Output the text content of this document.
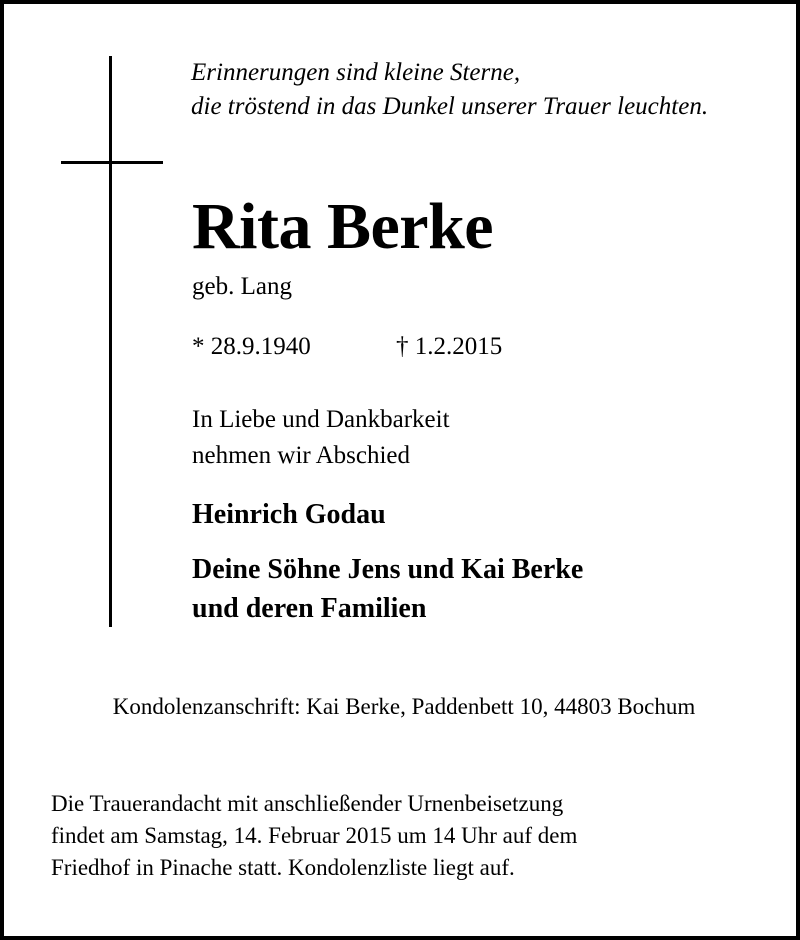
Erinnerungen sind kleine Sterne,
die tröstend in das Dunkel unserer Trauer leuchten.
Rita Berke
geb. Lang
* 28.9.1940	† 1.2.2015
In Liebe und Dankbarkeit
nehmen wir Abschied
Heinrich Godau
Deine Söhne Jens und Kai Berke
und deren Familien
Kondolenzanschrift: Kai Berke, Paddenbett 10, 44803 Bochum
Die Trauerandacht mit anschließender Urnenbeisetzung
findet am Samstag, 14. Februar 2015 um 14 Uhr auf dem
Friedhof in Pinache statt. Kondolenzliste liegt auf.
